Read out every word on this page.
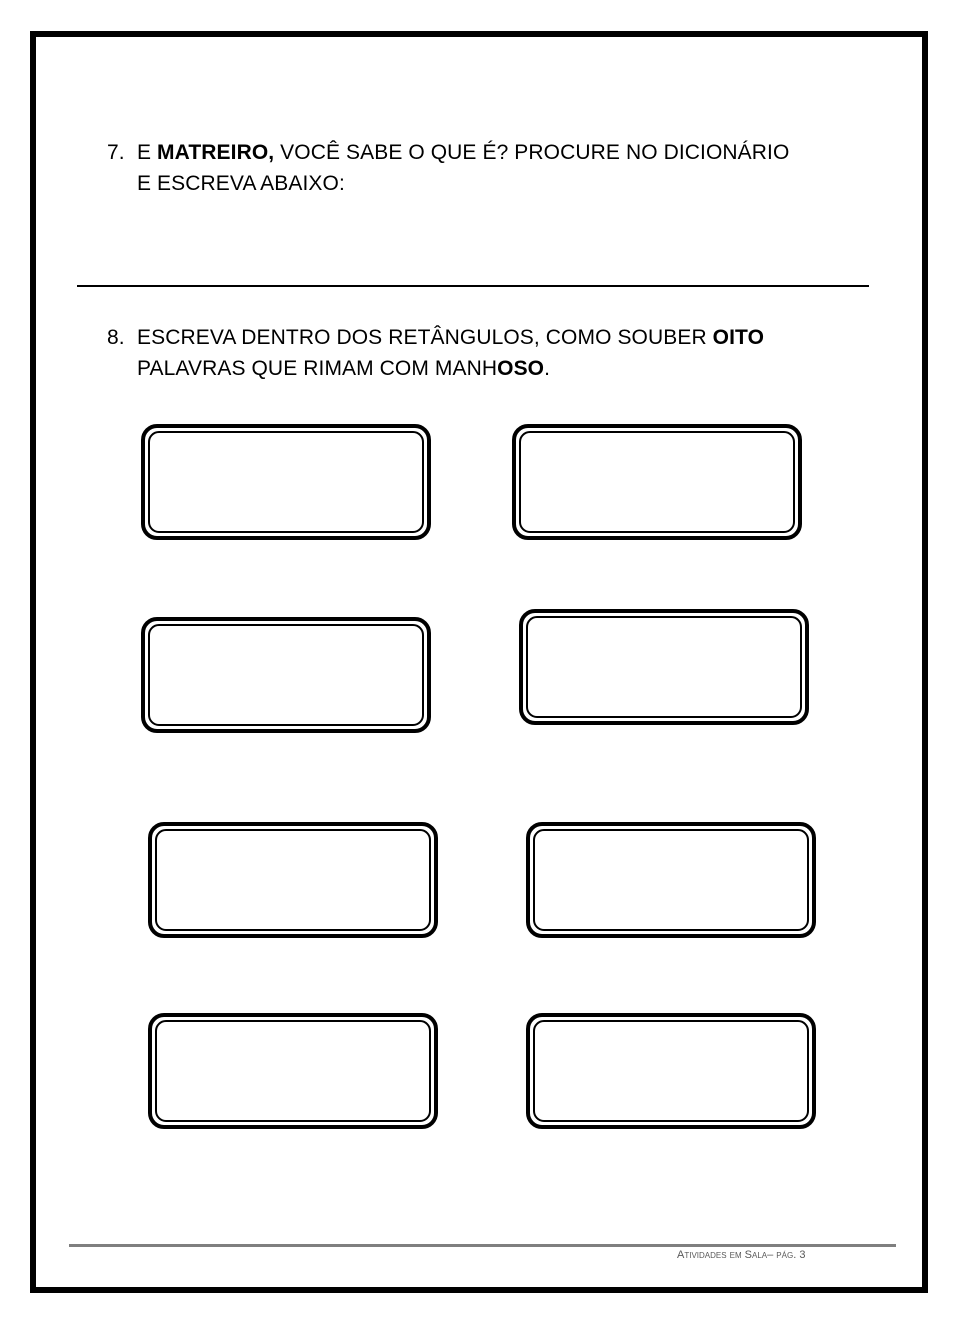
7. E MATREIRO, VOCÊ SABE O QUE É? PROCURE NO DICIONÁRIO
E ESCREVA ABAIXO:
8. ESCREVA DENTRO DOS RETÂNGULOS, COMO SOUBER OITO
PALAVRAS QUE RIMAM COM MANHOSO.
Atividades em Sala– pág. 3
